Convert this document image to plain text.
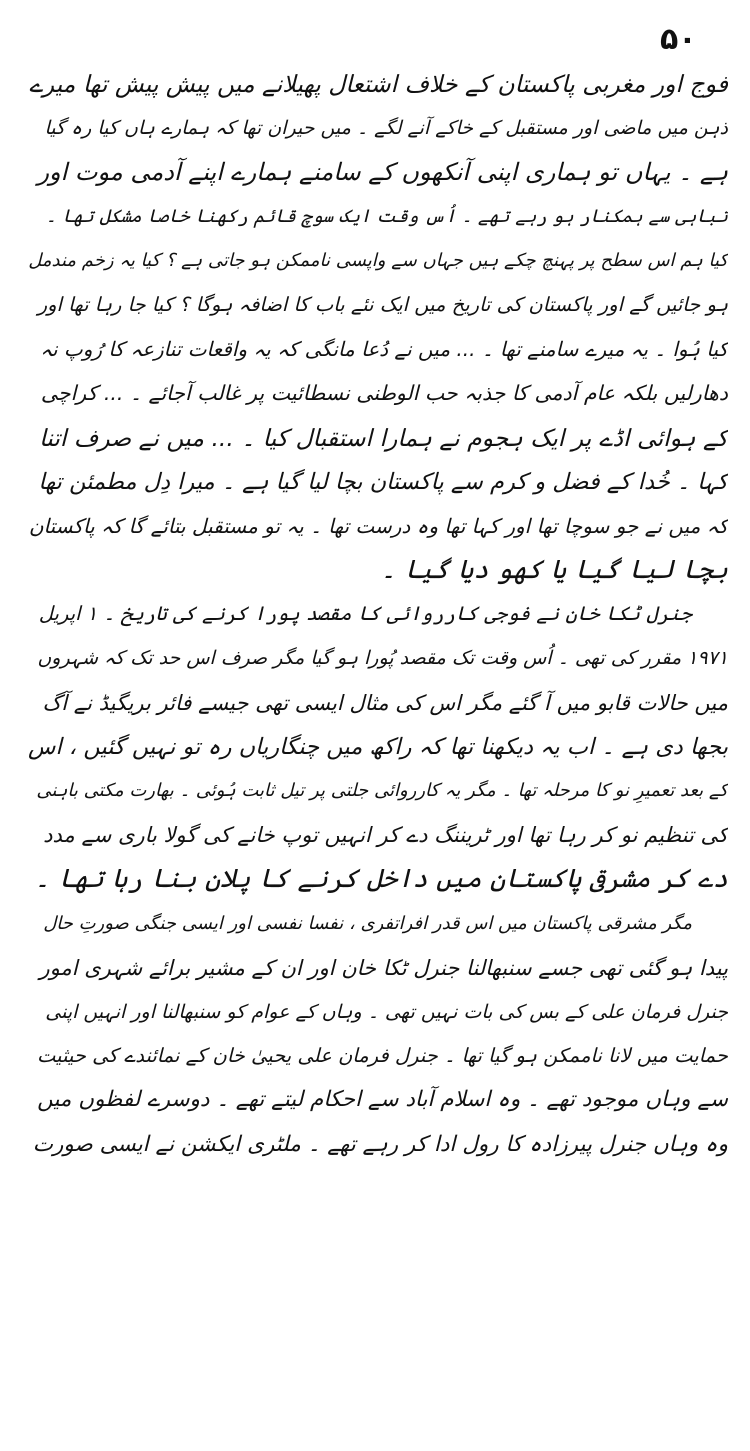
۵۰
فوج اور مغربی پاکستان کے خلاف اشتعال پھیلانے میں پیش پیش تھا میرے
ذہن میں ماضی اور مستقبل کے خاکے آنے لگے ۔ میں حیران تھا کہ ہمارے ہاں کیا رہ گیا
ہے ۔ یہاں تو ہماری اپنی آنکھوں کے سامنے ہمارے اپنے آدمی موت اور
تباہی سے ہمکنار ہو رہے تھے ۔ اُس وقت ایک سوچ قائم رکھنا خاصا مشکل تھا ۔
کیا ہم اس سطح پر پہنچ چکے ہیں جہاں سے واپسی ناممکن ہو جاتی ہے ؟ کیا یہ زخم مندمل
ہو جائیں گے اور پاکستان کی تاریخ میں ایک نئے باب کا اضافہ ہوگا ؟ کیا جا رہا تھا اور
کیا ہُوا ۔ یہ میرے سامنے تھا ۔ ... میں نے دُعا مانگی کہ یہ واقعات تنازعہ کا رُوپ نہ
دھارلیں بلکہ عام آدمی کا جذبہ حب الوطنی نسطائیت پر غالب آجائے ۔ ... کراچی
کے ہوائی اڈے پر ایک ہجوم نے ہمارا استقبال کیا ۔ ... میں نے صرف اتنا
کہا ۔ خُدا کے فضل و کرم سے پاکستان بچا لیا گیا ہے ۔ میرا دِل مطمئن تھا
کہ میں نے جو سوچا تھا اور کہا تھا وہ درست تھا ۔ یہ تو مستقبل بتائے گا کہ پاکستان
بچا لیا گیا یا کھو دیا گیا ۔
جنرل ٹکا خان نے فوجی کارروائی کا مقصد پورا کرنے کی تاریخ ۔ ۱ اپریل
۱۹۷۱ مقرر کی تھی ۔ اُس وقت تک مقصد پُورا ہو گیا مگر صرف اس حد تک کہ شہروں
میں حالات قابو میں آ گئے مگر اس کی مثال ایسی تھی جیسے فائر بریگیڈ نے آگ
بجھا دی ہے ۔ اب یہ دیکھنا تھا کہ راکھ میں چنگاریاں رہ تو نہیں گئیں ، اس
کے بعد تعمیرِ نو کا مرحلہ تھا ۔ مگر یہ کارروائی جلتی پر تیل ثابت ہُوئی ۔ بھارت مکتی باہنی
کی تنظیم نو کر رہا تھا اور ٹریننگ دے کر انہیں توپ خانے کی گولا باری سے مدد
دے کر مشرقی پاکستان میں داخل کرنے کا پلان بنا رہا تھا ۔
مگر مشرقی پاکستان میں اس قدر افراتفری ، نفسا نفسی اور ایسی جنگی صورتِ حال
پیدا ہو گئی تھی جسے سنبھالنا جنرل ٹکا خان اور ان کے مشیر برائے شہری امور
جنرل فرمان علی کے بس کی بات نہیں تھی ۔ وہاں کے عوام کو سنبھالنا اور انہیں اپنی
حمایت میں لانا ناممکن ہو گیا تھا ۔ جنرل فرمان علی یحییٰ خان کے نمائندے کی حیثیت
سے وہاں موجود تھے ۔ وہ اسلام آباد سے احکام لیتے تھے ۔ دوسرے لفظوں میں
وہ وہاں جنرل پیرزادہ کا رول ادا کر رہے تھے ۔ ملٹری ایکشن نے ایسی صورت
